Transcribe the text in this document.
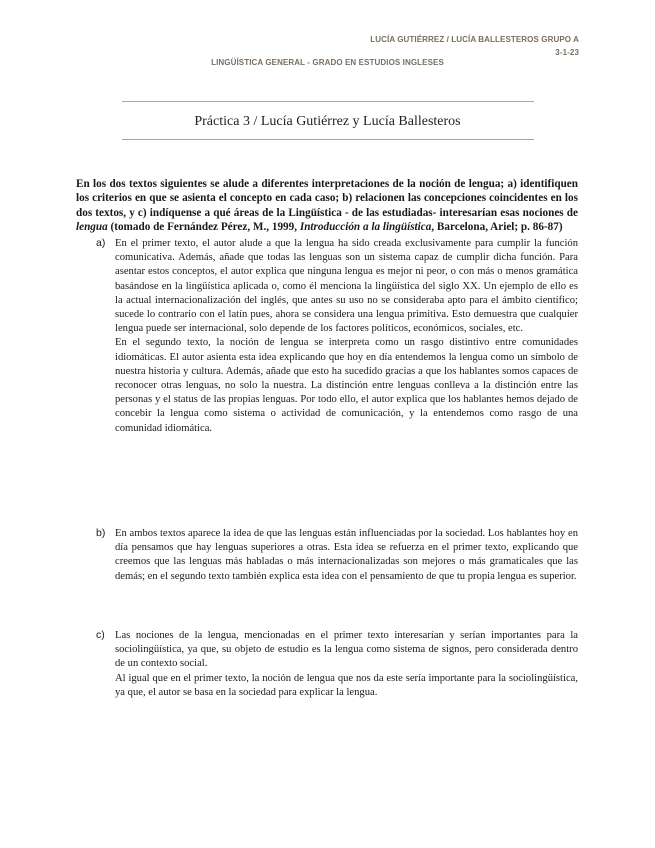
LUCÍA GUTIÉRREZ / LUCÍA BALLESTEROS GRUPO A
3-1-23
LINGÜÍSTICA GENERAL - GRADO EN ESTUDIOS INGLESES
Práctica 3 / Lucía Gutiérrez y Lucía Ballesteros
En los dos textos siguientes se alude a diferentes interpretaciones de la noción de lengua; a) identifiquen los criterios en que se asienta el concepto en cada caso; b) relacionen las concepciones coincidentes en los dos textos, y c) indíquense a qué áreas de la Lingüística - de las estudiadas- interesarían esas nociones de lengua (tomado de Fernández Pérez, M., 1999, Introducción a la lingüística, Barcelona, Ariel; p. 86-87)
a) En el primer texto, el autor alude a que la lengua ha sido creada exclusivamente para cumplir la función comunicativa. Además, añade que todas las lenguas son un sistema capaz de cumplir dicha función. Para asentar estos conceptos, el autor explica que ninguna lengua es mejor ni peor, o con más o menos gramática basándose en la lingüística aplicada o, como él menciona la lingüística del siglo XX. Un ejemplo de ello es la actual internacionalización del inglés, que antes su uso no se consideraba apto para el ámbito científico; sucede lo contrario con el latín pues, ahora se considera una lengua primitiva. Esto demuestra que cualquier lengua puede ser internacional, solo depende de los factores políticos, económicos, sociales, etc.

En el segundo texto, la noción de lengua se interpreta como un rasgo distintivo entre comunidades idiomáticas. El autor asienta esta idea explicando que hoy en día entendemos la lengua como un símbolo de nuestra historia y cultura. Además, añade que esto ha sucedido gracias a que los hablantes somos capaces de reconocer otras lenguas, no solo la nuestra. La distinción entre lenguas conlleva a la distinción entre las personas y el status de las propias lenguas. Por todo ello, el autor explica que los hablantes hemos dejado de concebir la lengua como sistema o actividad de comunicación, y la entendemos como rasgo de una comunidad idiomática.

b) En ambos textos aparece la idea de que las lenguas están influenciadas por la sociedad. Los hablantes hoy en día pensamos que hay lenguas superiores a otras. Esta idea se refuerza en el primer texto, explicando que creemos que las lenguas más habladas o más internacionalizadas son mejores o más gramaticales que las demás; en el segundo texto también explica esta idea con el pensamiento de que tu propia lengua es superior.

c) Las nociones de la lengua, mencionadas en el primer texto interesarían y serían importantes para la sociolingüística, ya que, su objeto de estudio es la lengua como sistema de signos, pero considerada dentro de un contexto social.

Al igual que en el primer texto, la noción de lengua que nos da este sería importante para la sociolingüística, ya que, el autor se basa en la sociedad para explicar la lengua.
